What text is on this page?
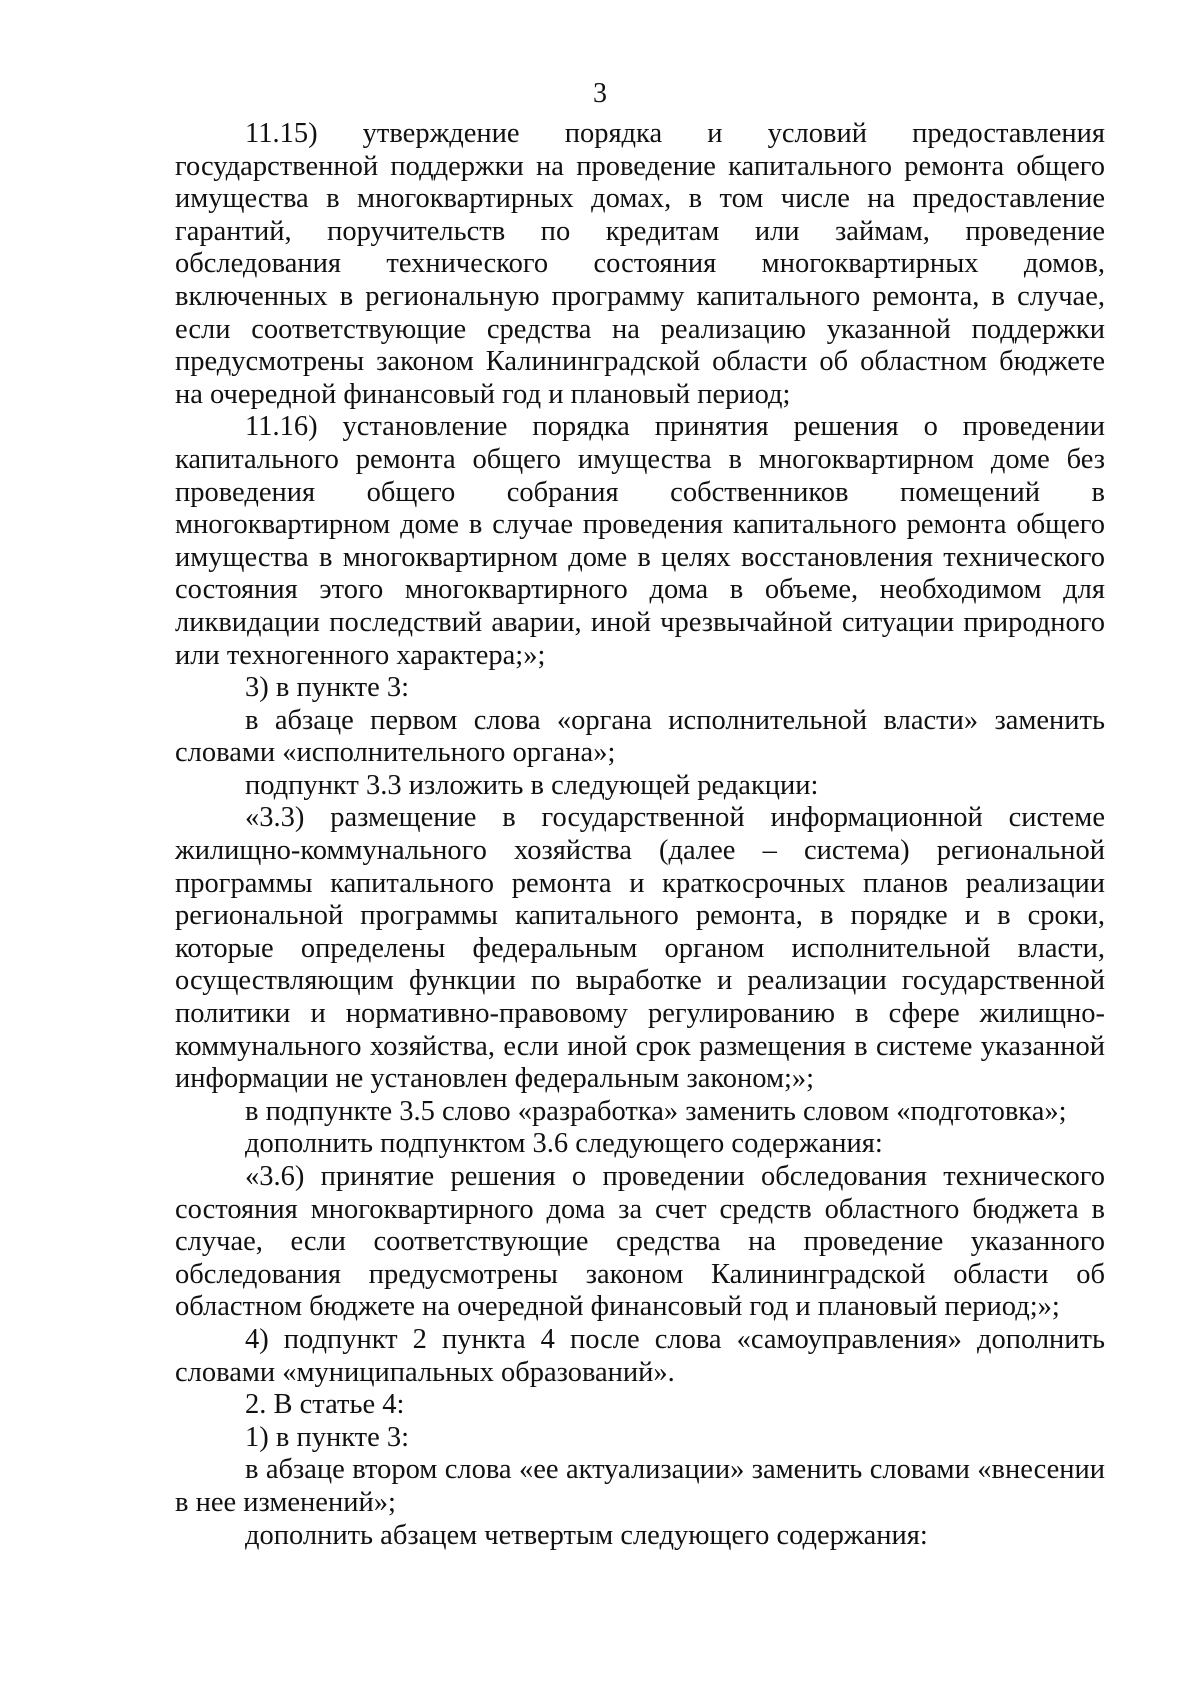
3

11.15) утверждение порядка и условий предоставления государственной поддержки на проведение капитального ремонта общего имущества в многоквартирных домах, в том числе на предоставление гарантий, поручительств по кредитам или займам, проведение обследования технического состояния многоквартирных домов, включенных в региональную программу капитального ремонта, в случае, если соответствующие средства на реализацию указанной поддержки предусмотрены законом Калининградской области об областном бюджете на очередной финансовый год и плановый период;

11.16) установление порядка принятия решения о проведении капитального ремонта общего имущества в многоквартирном доме без проведения общего собрания собственников помещений в многоквартирном доме в случае проведения капитального ремонта общего имущества в многоквартирном доме в целях восстановления технического состояния этого многоквартирного дома в объеме, необходимом для ликвидации последствий аварии, иной чрезвычайной ситуации природного или техногенного характера;»;

3) в пункте 3:

в абзаце первом слова «органа исполнительной власти» заменить словами «исполнительного органа»;

подпункт 3.3 изложить в следующей редакции:

«3.3) размещение в государственной информационной системе жилищно-коммунального хозяйства (далее – система) региональной программы капитального ремонта и краткосрочных планов реализации региональной программы капитального ремонта, в порядке и в сроки, которые определены федеральным органом исполнительной власти, осуществляющим функции по выработке и реализации государственной политики и нормативно-правовому регулированию в сфере жилищно-коммунального хозяйства, если иной срок размещения в системе указанной информации не установлен федеральным законом;»;

в подпункте 3.5 слово «разработка» заменить словом «подготовка»;

дополнить подпунктом 3.6 следующего содержания:

«3.6) принятие решения о проведении обследования технического состояния многоквартирного дома за счет средств областного бюджета в случае, если соответствующие средства на проведение указанного обследования предусмотрены законом Калининградской области об областном бюджете на очередной финансовый год и плановый период;»;

4) подпункт 2 пункта 4 после слова «самоуправления» дополнить словами «муниципальных образований».

2. В статье 4:

1) в пункте 3:

в абзаце втором слова «ее актуализации» заменить словами «внесении в нее изменений»;

дополнить абзацем четвертым следующего содержания:
